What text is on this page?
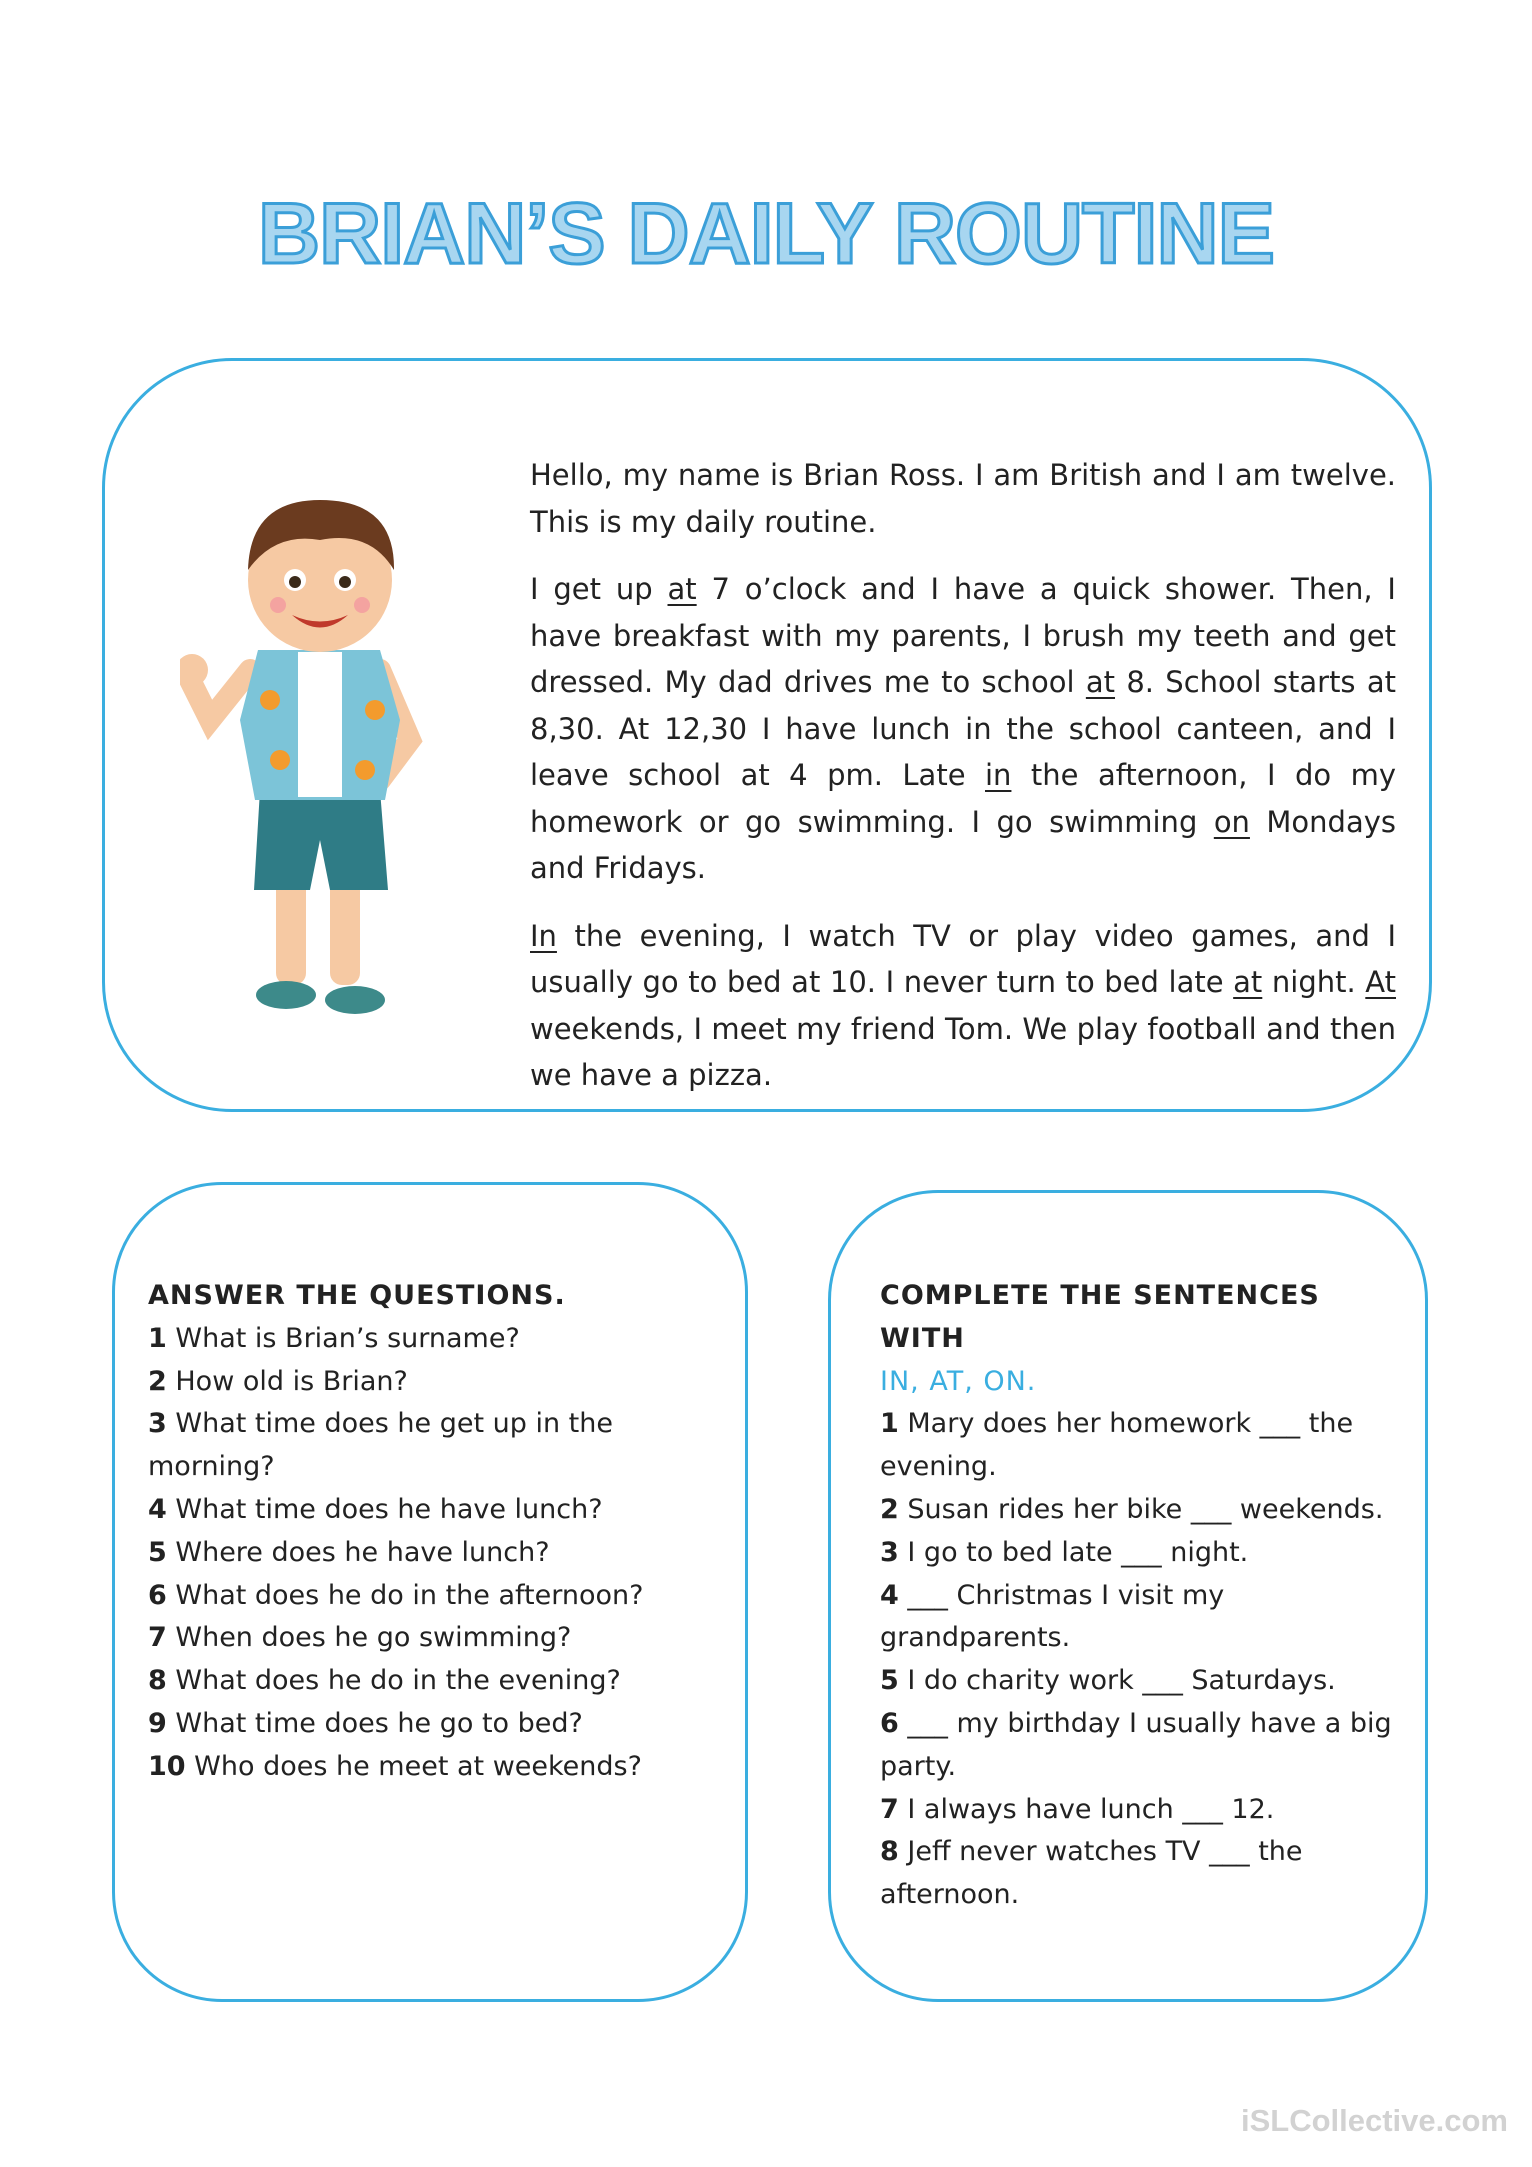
BRIAN’S DAILY ROUTINE

Hello, my name is Brian Ross. I am British and I am twelve. This is my daily routine.

I get up at 7 o’clock and I have a quick shower. Then, I have breakfast with my parents, I brush my teeth and get dressed. My dad drives me to school at 8. School starts at 8,30. At 12,30 I have lunch in the school canteen, and I leave school at 4 pm. Late in the afternoon, I do my homework or go swimming. I go swimming on Mondays and Fridays.

In the evening, I watch TV or play video games, and I usually go to bed at 10. I never turn to bed late at night. At weekends, I meet my friend Tom. We play football and then we have a pizza.

ANSWER THE QUESTIONS.
1 What is Brian’s surname?
2 How old is Brian?
3 What time does he get up in the morning?
4 What time does he have lunch?
5 Where does he have lunch?
6 What does he do in the afternoon?
7 When does he go swimming?
8 What does he do in the evening?
9 What time does he go to bed?
10 Who does he meet at weekends?
COMPLETE THE SENTENCES WITH
IN, AT, ON.
1 Mary does her homework ___ the evening.
2 Susan rides her bike ___ weekends.
3 I go to bed late ___ night.
4 ___ Christmas I visit my grandparents.
5 I do charity work ___ Saturdays.
6 ___ my birthday I usually have a big party.
7 I always have lunch ___ 12.
8 Jeff never watches TV ___ the afternoon.
iSLCollective.com
